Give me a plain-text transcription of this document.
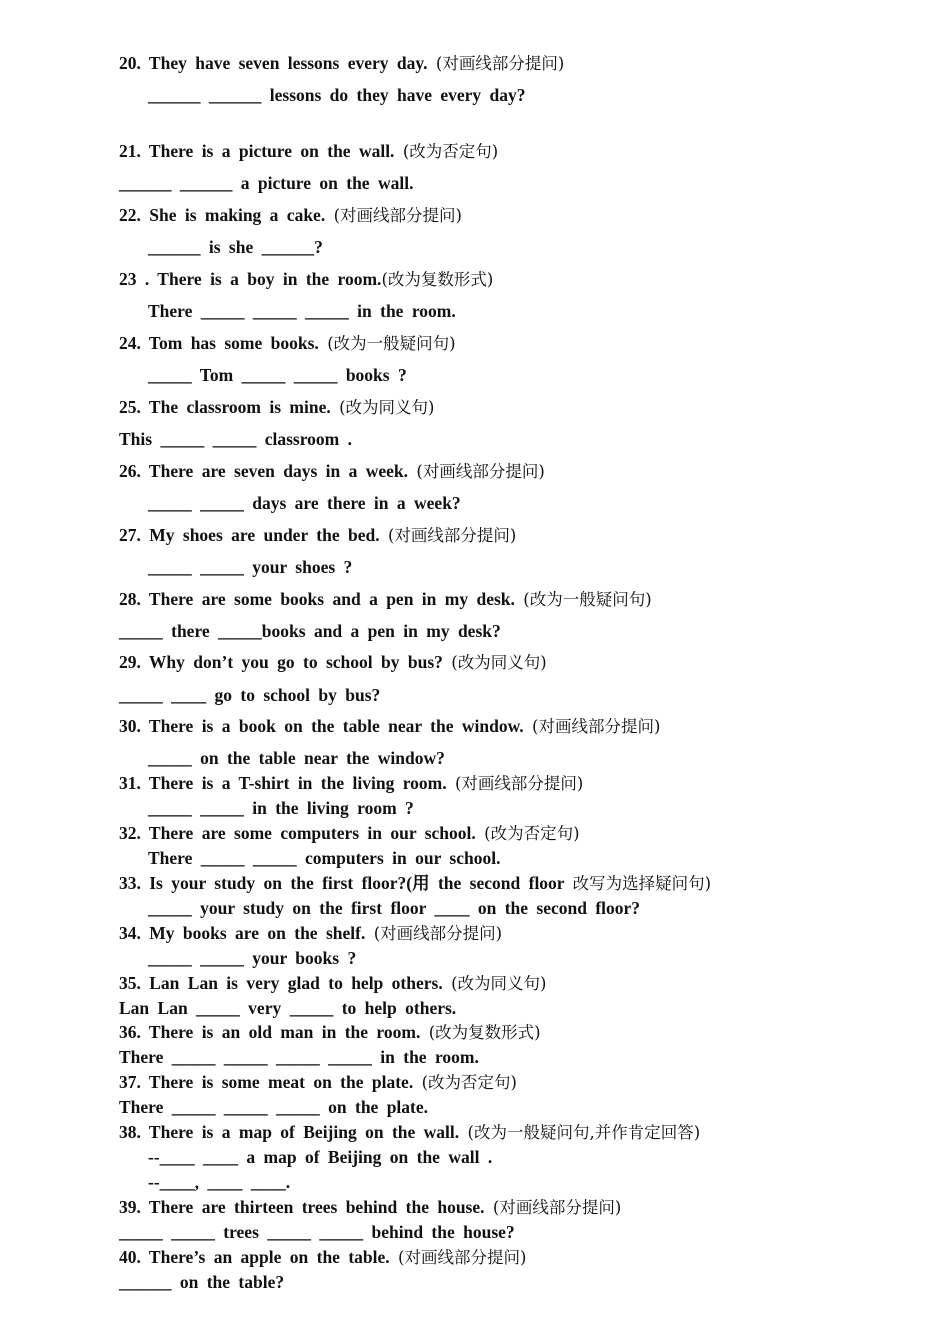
20. They have seven lessons every day. (对画线部分提问)
______ ______ lessons do they have every day?
21. There is a picture on the wall. (改为否定句)
______ ______ a picture on the wall.
22. She is making a cake. (对画线部分提问)
______ is she ______?
23 . There is a boy in the room.(改为复数形式)
There _____ _____ _____ in the room.
24. Tom has some books. (改为一般疑问句)
_____ Tom _____ _____ books ?
25. The classroom is mine. (改为同义句)
This _____ _____ classroom .
26. There are seven days in a week. (对画线部分提问)
_____ _____ days are there in a week?
27. My shoes are under the bed. (对画线部分提问)
_____ _____ your shoes ?
28. There are some books and a pen in my desk. (改为一般疑问句)
_____ there _____books and a pen in my desk?
29. Why don’t you go to school by bus? (改为同义句)
_____ ____ go to school by bus?
30. There is a book on the table near the window. (对画线部分提问)
_____ on the table near the window?
31. There is a T-shirt in the living room. (对画线部分提问)
_____ _____ in the living room ?
32. There are some computers in our school. (改为否定句)
There _____ _____ computers in our school.
33. Is your study on the first floor?(用 the second floor 改写为选择疑问句)
_____ your study on the first floor ____ on the second floor?
34. My books are on the shelf. (对画线部分提问)
_____ _____ your books ?
35. Lan Lan is very glad to help others. (改为同义句)
Lan Lan _____ very _____ to help others.
36. There is an old man in the room. (改为复数形式)
There _____ _____ _____ _____ in the room.
37. There is some meat on the plate. (改为否定句)
There _____ _____ _____ on the plate.
38. There is a map of Beijing on the wall. (改为一般疑问句,并作肯定回答)
--____ ____ a map of Beijing on the wall .
--____, ____ ____.
39. There are thirteen trees behind the house. (对画线部分提问)
_____ _____ trees _____ _____ behind the house?
40. There’s an apple on the table. (对画线部分提问)
______ on the table?
